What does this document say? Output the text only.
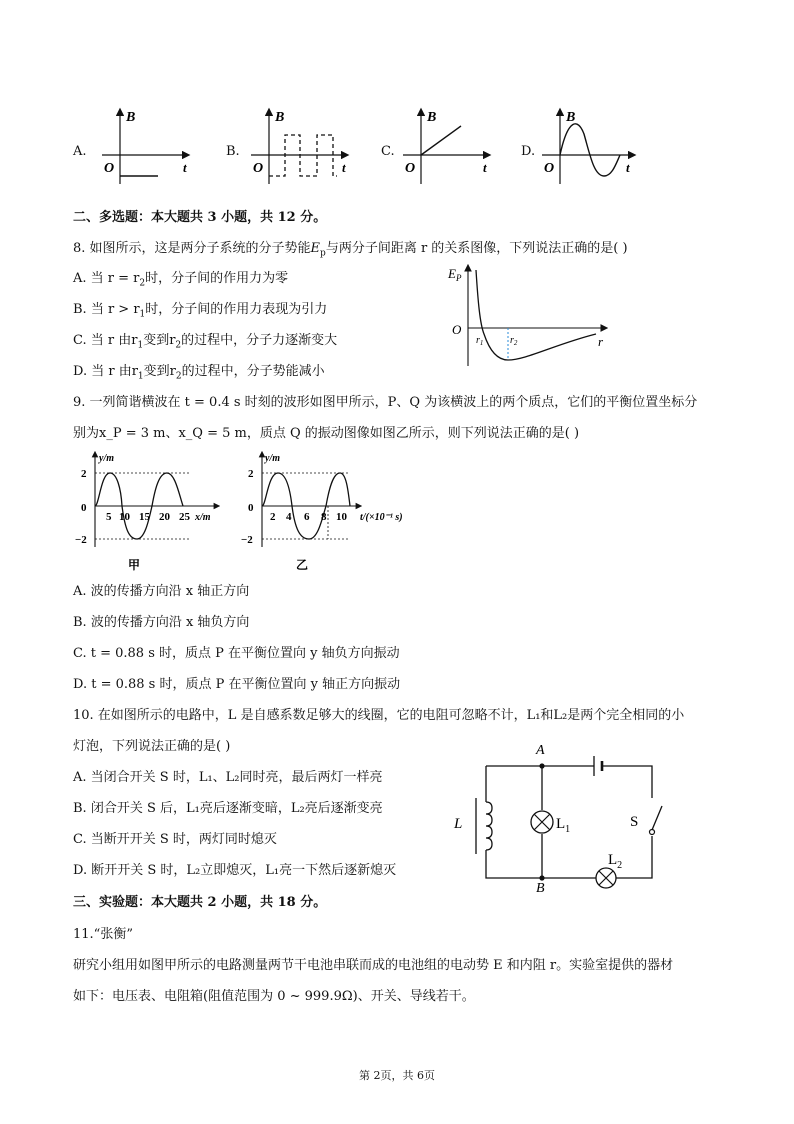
A.	B.	C.	D.
B
t
O
B
t
O
B
t
O
B
t
O
二、多选题：本大题共 3 小题，共 12 分。
8. 如图所示，这是两分子系统的分子势能$E_p$与两分子间距离 r 的关系图像，下列说法正确的是( )
A. 当 $r = r_2$时，分子间的作用力为零
B. 当 $r > r_1$时，分子间的作用力表现为引力
C. 当 r 由$r_1$变到$r_2$的过程中，分子力逐渐变大
D. 当 r 由$r_1$变到$r_2$的过程中，分子势能减小
$E_P$
O
r
$r_1$	$r_2$
9. 一列简谐横波在 t = 0.4 s 时刻的波形如图甲所示，P、Q 为该横波上的两个质点，它们的平衡位置坐标分
别为x_P = 3 m、x_Q = 5 m，质点 Q 的振动图像如图乙所示，则下列说法正确的是( )
y/m
2
0
−2
5 10 15 20 25 x/m
甲
y/m
2
0
−2
2 4 6 8 10 t/(×10⁻¹ s)
乙
A. 波的传播方向沿 x 轴正方向
B. 波的传播方向沿 x 轴负方向
C. t = 0.88 s 时，质点 P 在平衡位置向 y 轴负方向振动
D. t = 0.88 s 时，质点 P 在平衡位置向 y 轴正方向振动
10. 在如图所示的电路中，L 是自感系数足够大的线圈，它的电阻可忽略不计，L₁和L₂是两个完全相同的小
灯泡，下列说法正确的是( )
A. 当闭合开关 S 时，L₁、L₂同时亮，最后两灯一样亮
B. 闭合开关 S 后，L₁亮后逐渐变暗，L₂亮后逐渐变亮
C. 当断开开关 S 时，两灯同时熄灭
D. 断开开关 S 时，L₂立即熄灭，L₁亮一下然后逐新熄灭
A
B
L	$L_1$
$L_2$
S
三、实验题：本大题共 2 小题，共 18 分。
11.“张衡”
研究小组用如图甲所示的电路测量两节干电池串联而成的电池组的电动势 E 和内阻 r。实验室提供的器材
如下：电压表、电阻箱(阻值范围为 0 ~ 999.9Ω)、开关、导线若干。
第 2页，共 6页
